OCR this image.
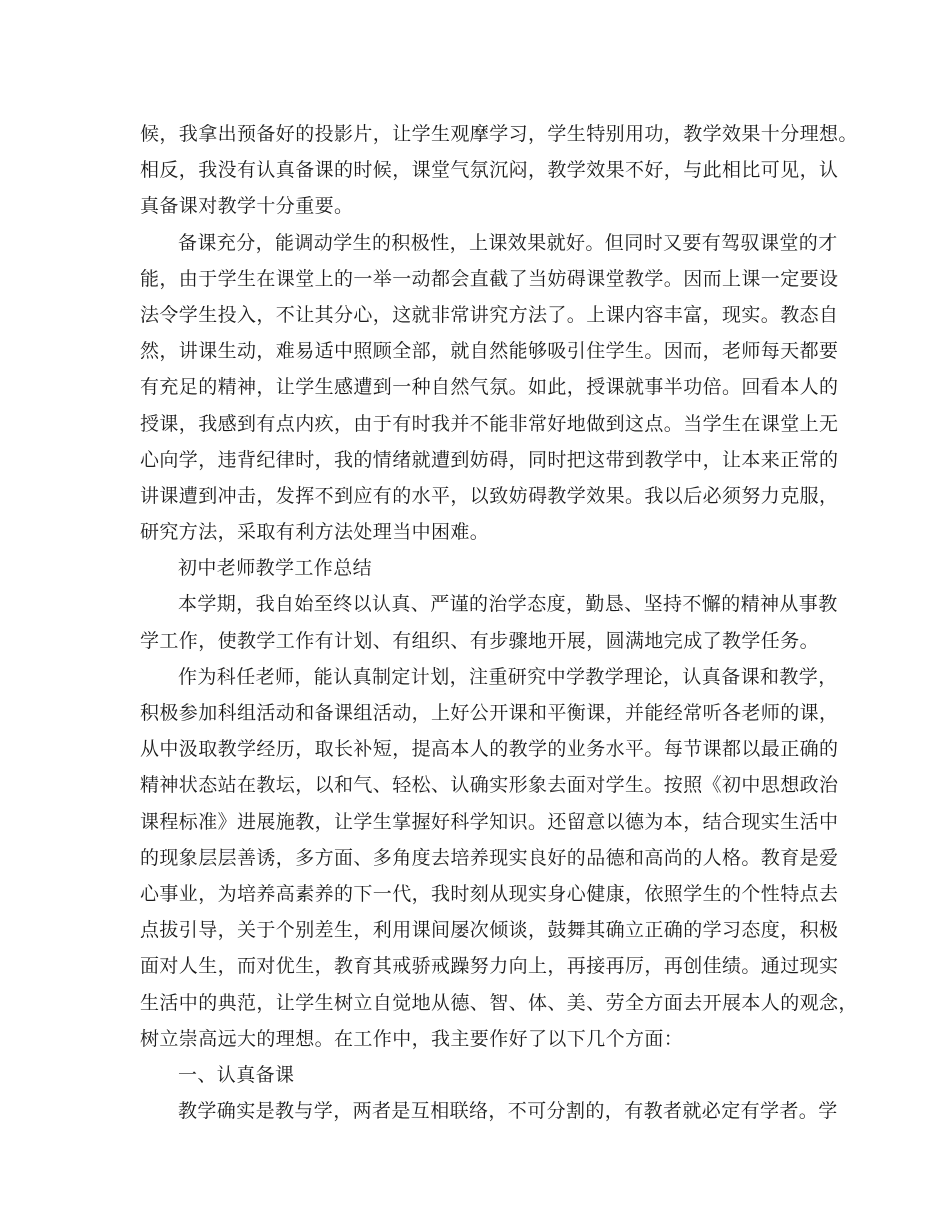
候，我拿出预备好的投影片，让学生观摩学习，学生特别用功，教学效果十分理想。
相反，我没有认真备课的时候，课堂气氛沉闷，教学效果不好，与此相比可见，认
真备课对教学十分重要。
备课充分，能调动学生的积极性，上课效果就好。但同时又要有驾驭课堂的才
能，由于学生在课堂上的一举一动都会直截了当妨碍课堂教学。因而上课一定要设
法令学生投入，不让其分心，这就非常讲究方法了。上课内容丰富，现实。教态自
然，讲课生动，难易适中照顾全部，就自然能够吸引住学生。因而，老师每天都要
有充足的精神，让学生感遭到一种自然气氛。如此，授课就事半功倍。回看本人的
授课，我感到有点内疚，由于有时我并不能非常好地做到这点。当学生在课堂上无
心向学，违背纪律时，我的情绪就遭到妨碍，同时把这带到教学中，让本来正常的
讲课遭到冲击，发挥不到应有的水平，以致妨碍教学效果。我以后必须努力克服，
研究方法，采取有利方法处理当中困难。
初中老师教学工作总结
本学期，我自始至终以认真、严谨的治学态度，勤恳、坚持不懈的精神从事教
学工作，使教学工作有计划、有组织、有步骤地开展，圆满地完成了教学任务。
作为科任老师，能认真制定计划，注重研究中学教学理论，认真备课和教学，
积极参加科组活动和备课组活动，上好公开课和平衡课，并能经常听各老师的课，
从中汲取教学经历，取长补短，提高本人的教学的业务水平。每节课都以最正确的
精神状态站在教坛，以和气、轻松、认确实形象去面对学生。按照《初中思想政治
课程标准》进展施教，让学生掌握好科学知识。还留意以德为本，结合现实生活中
的现象层层善诱，多方面、多角度去培养现实良好的品德和高尚的人格。教育是爱
心事业，为培养高素养的下一代，我时刻从现实身心健康，依照学生的个性特点去
点拔引导，关于个别差生，利用课间屡次倾谈，鼓舞其确立正确的学习态度，积极
面对人生，而对优生，教育其戒骄戒躁努力向上，再接再厉，再创佳绩。通过现实
生活中的典范，让学生树立自觉地从德、智、体、美、劳全方面去开展本人的观念，
树立崇高远大的理想。在工作中，我主要作好了以下几个方面：
一、认真备课
教学确实是教与学，两者是互相联络，不可分割的，有教者就必定有学者。学
